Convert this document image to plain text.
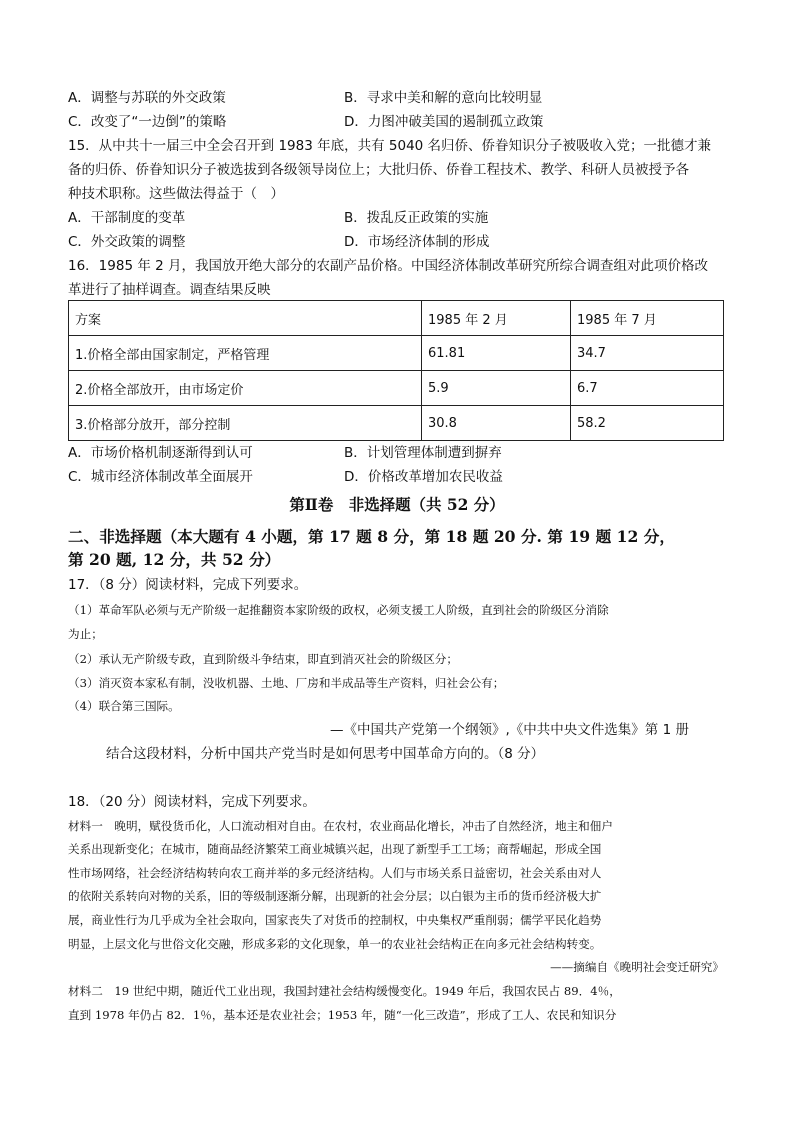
A．调整与苏联的外交政策	B．寻求中美和解的意向比较明显
C．改变了“一边倒”的策略	D．力图冲破美国的遏制孤立政策
15．从中共十一届三中全会召开到 1983 年底，共有 5040 名归侨、侨眷知识分子被吸收入党；一批德才兼
备的归侨、侨眷知识分子被选拔到各级领导岗位上；大批归侨、侨眷工程技术、教学、科研人员被授予各
种技术职称。这些做法得益于（　）
A．干部制度的变革	B．拨乱反正政策的实施
C．外交政策的调整	D．市场经济体制的形成
16．1985 年 2 月，我国放开绝大部分的农副产品价格。中国经济体制改革研究所综合调查组对此项价格改
革进行了抽样调查。调查结果反映
方案	1985 年 2 月	1985 年 7 月
1.价格全部由国家制定，严格管理	61.81	34.7
2.价格全部放开，由市场定价	5.9	6.7
3.价格部分放开，部分控制	30.8	58.2
A．市场价格机制逐渐得到认可	B．计划管理体制遭到摒弃
C．城市经济体制改革全面展开	D．价格改革增加农民收益
第Ⅱ卷　非选择题（共 52 分）
二、非选择题（本大题有 4 小题，第 17 题 8 分，第 18 题 20 分. 第 19 题 12 分，
第 20 题, 12 分，共 52 分）
17．（8 分）阅读材料，完成下列要求。
（1）革命军队必须与无产阶级一起推翻资本家阶级的政权，必须支援工人阶级，直到社会的阶级区分消除
为止；
（2）承认无产阶级专政，直到阶级斗争结束，即直到消灭社会的阶级区分；
（3）消灭资本家私有制，没收机器、土地、厂房和半成品等生产资料，归社会公有；
（4）联合第三国际。
—《中国共产党第一个纲领》,《中共中央文件选集》第 1 册
结合这段材料，分析中国共产党当时是如何思考中国革命方向的。（8 分）
18．（20 分）阅读材料，完成下列要求。
材料一　晚明，赋役货币化，人口流动相对自由。在农村，农业商品化增长，冲击了自然经济，地主和佃户
关系出现新变化；在城市，随商品经济繁荣工商业城镇兴起，出现了新型手工工场；商帮崛起，形成全国
性市场网络，社会经济结构转向农工商并举的多元经济结构。人们与市场关系日益密切，社会关系由对人
的依附关系转向对物的关系，旧的等级制逐渐分解，出现新的社会分层；以白银为主币的货币经济极大扩
展，商业性行为几乎成为全社会取向，国家丧失了对货币的控制权，中央集权严重削弱；儒学平民化趋势
明显，上层文化与世俗文化交融，形成多彩的文化现象，单一的农业社会结构正在向多元社会结构转变。
——摘编自《晚明社会变迁研究》
材料二　19 世纪中期，随近代工业出现，我国封建社会结构缓慢变化。1949 年后，我国农民占 89．4％，
直到 1978 年仍占 82．1％，基本还是农业社会；1953 年，随“一化三改造”，形成了工人、农民和知识分
